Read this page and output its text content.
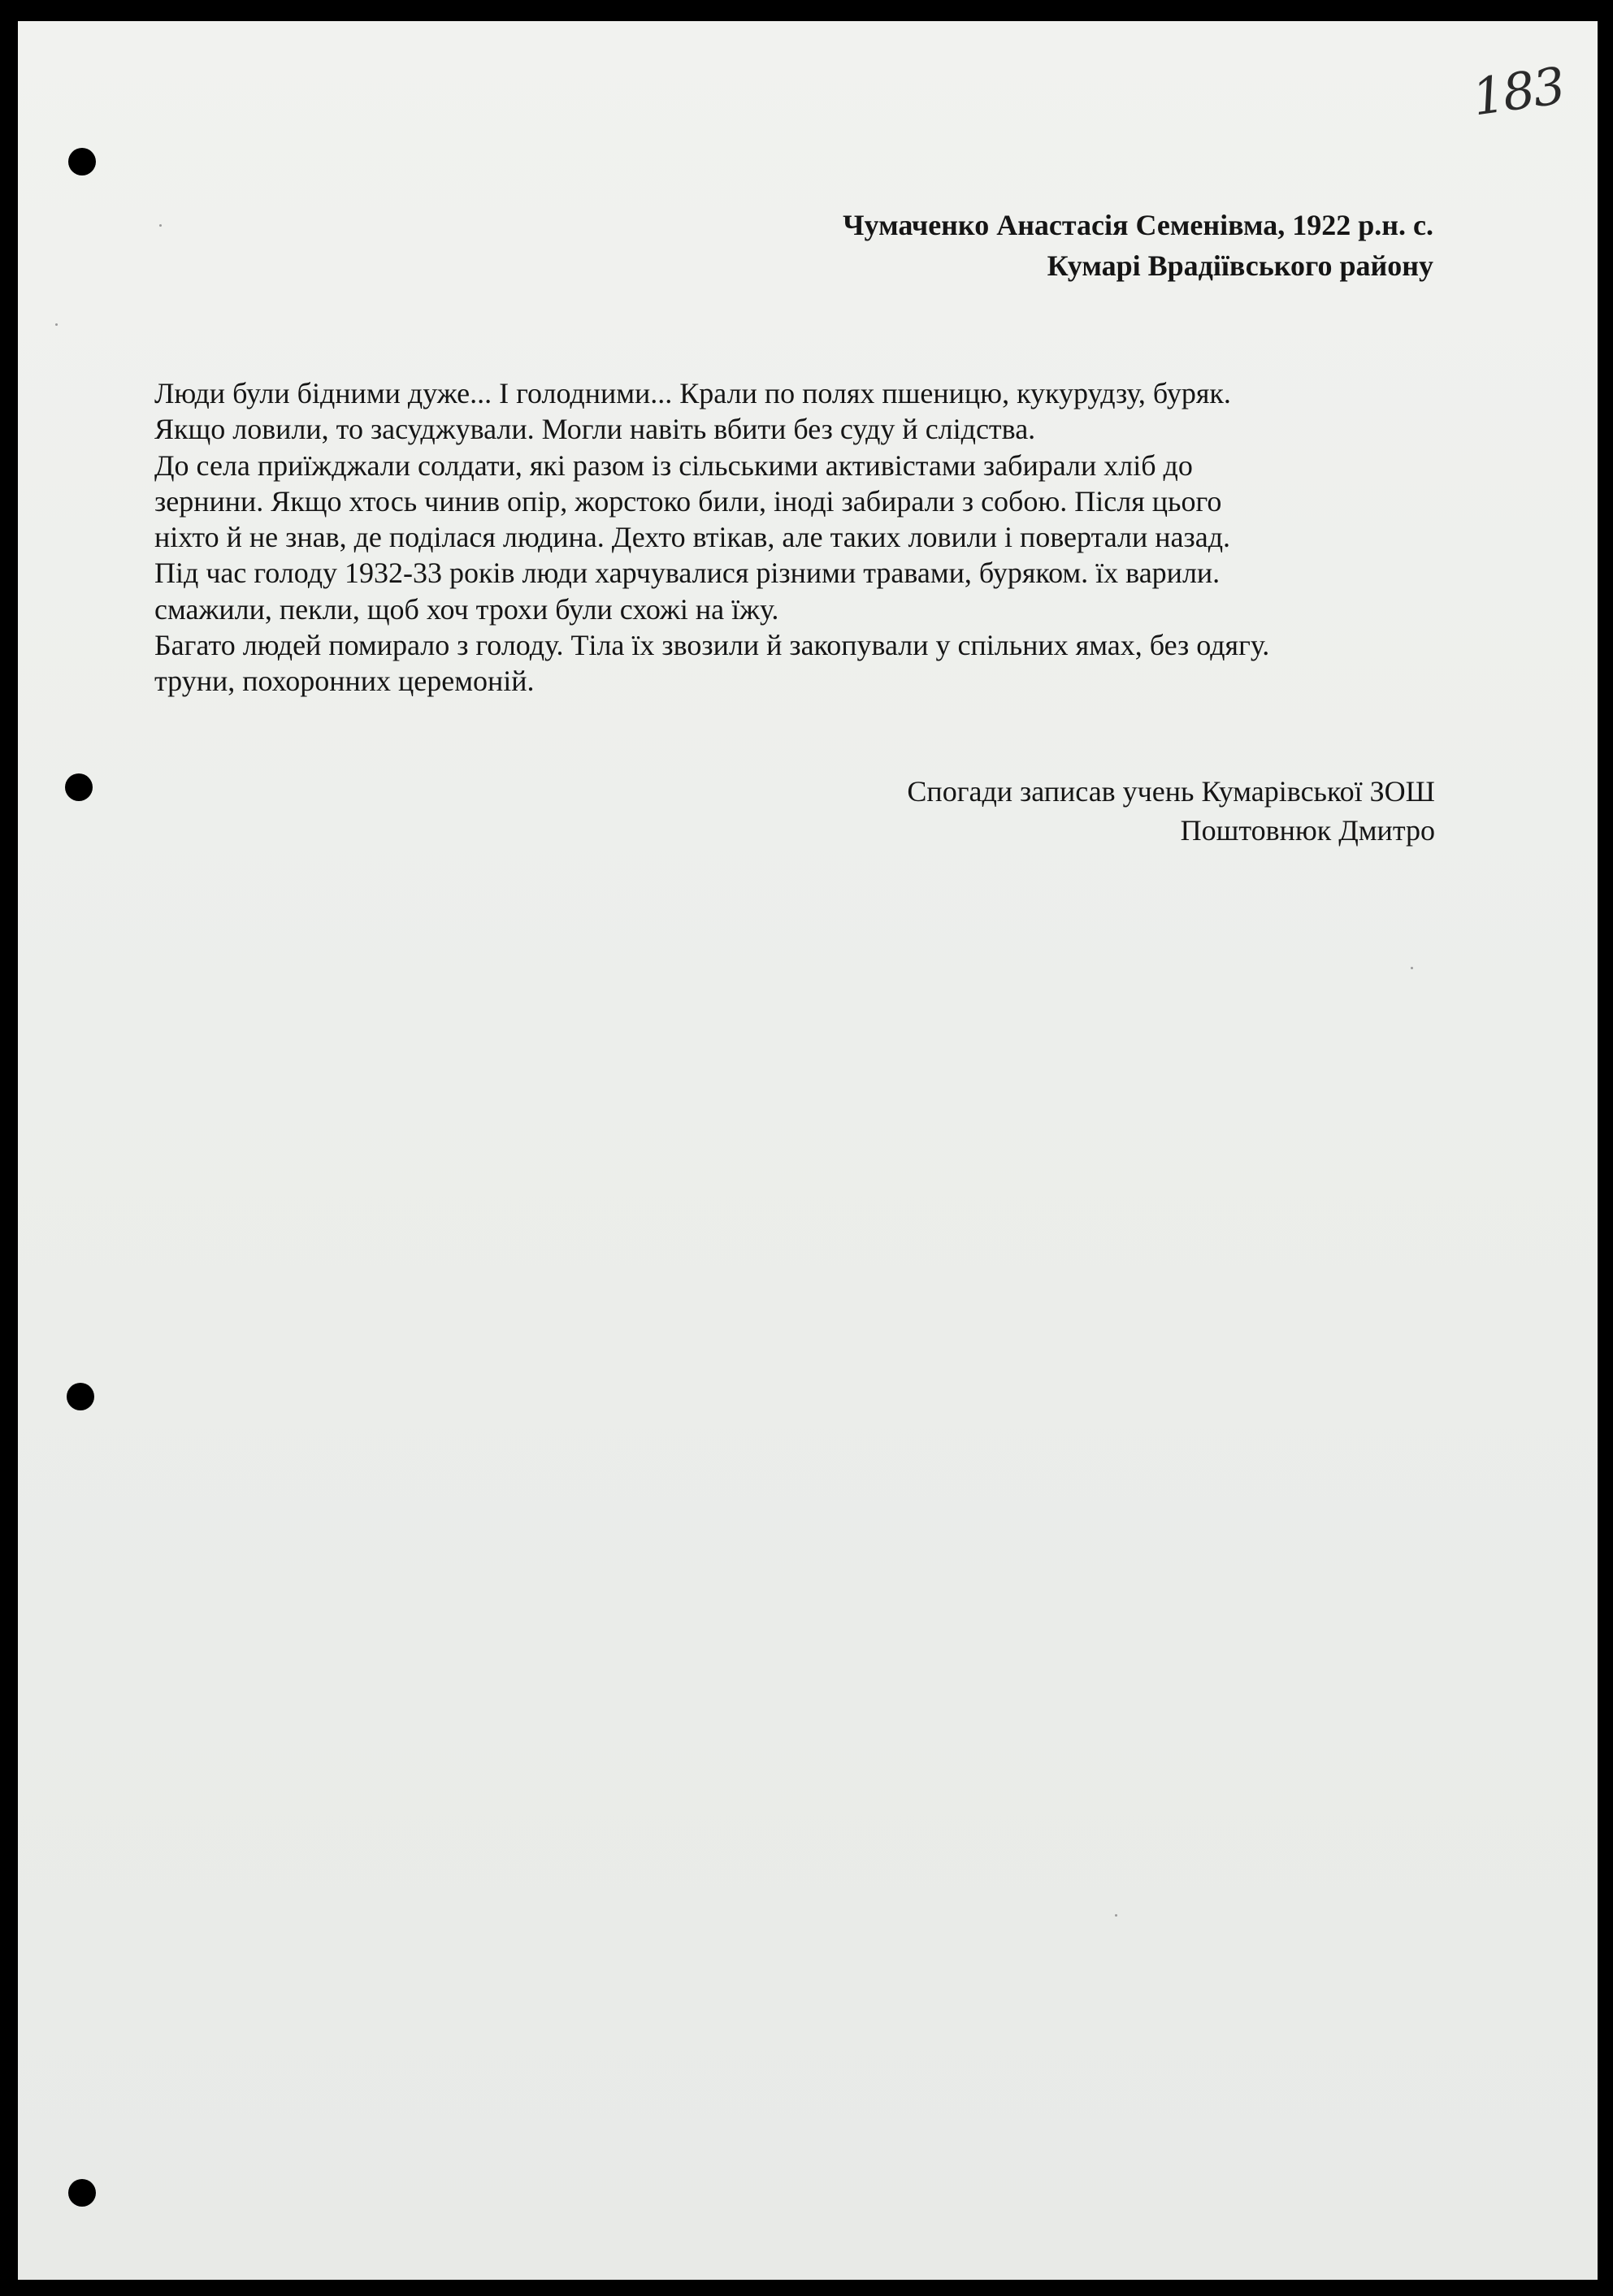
183
Чумаченко Анастасія Семенівма, 1922 р.н. с.
Кумарі Врадіївського району
Люди були бідними дуже... І голодними... Крали по полях пшеницю, кукурудзу, буряк.
Якщо ловили, то засуджували. Могли навіть вбити без суду й слідства.
До села приїжджали солдати, які разом із сільськими активістами забирали хліб до
зернини. Якщо хтось чинив опір, жорстоко били, іноді забирали з собою. Після цього
ніхто й не знав, де поділася людина. Дехто втікав, але таких ловили і повертали назад.
Під час голоду 1932-33 років люди харчувалися різними травами, буряком. їх варили.
смажили, пекли, щоб хоч трохи були схожі на їжу.
Багато людей помирало з голоду. Тіла їх звозили й закопували у спільних ямах, без одягу.
труни, похоронних церемоній.
Спогади записав учень Кумарівської ЗОШ
Поштовнюк Дмитро
